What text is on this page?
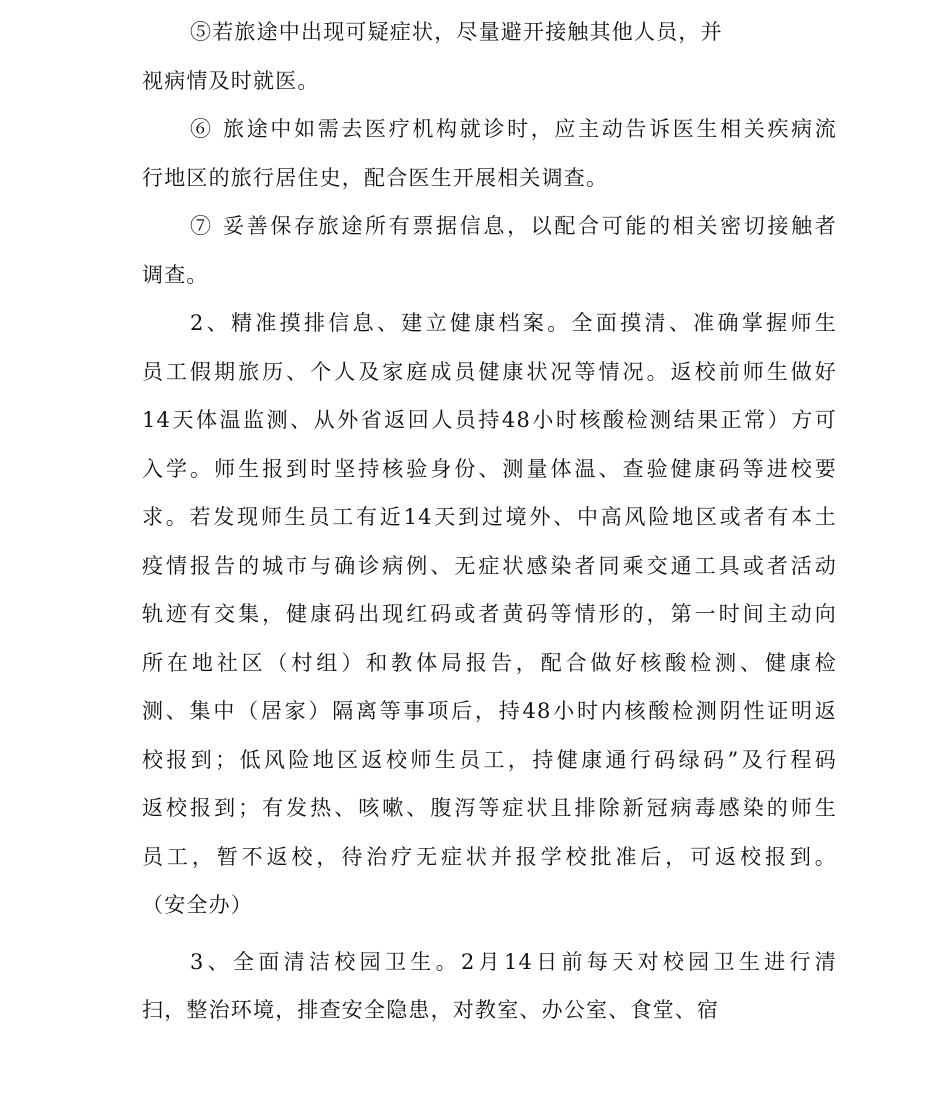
⑤若旅途中出现可疑症状，尽量避开接触其他人员，并
视病情及时就医。
⑥ 旅途中如需去医疗机构就诊时，应主动告诉医生相关疾病流
行地区的旅行居住史，配合医生开展相关调查。
⑦ 妥善保存旅途所有票据信息，以配合可能的相关密切接触者
调查。
2、精准摸排信息、建立健康档案。全面摸清、准确掌握师生
员工假期旅历、个人及家庭成员健康状况等情况。返校前师生做好
14天体温监测、从外省返回人员持48小时核酸检测结果正常）方可
入学。师生报到时坚持核验身份、测量体温、查验健康码等进校要
求。若发现师生员工有近14天到过境外、中高风险地区或者有本土
疫情报告的城市与确诊病例、无症状感染者同乘交通工具或者活动
轨迹有交集，健康码出现红码或者黄码等情形的，第一时间主动向
所在地社区（村组）和教体局报告，配合做好核酸检测、健康检
测、集中（居家）隔离等事项后，持48小时内核酸检测阴性证明返
校报到；低风险地区返校师生员工，持健康通行码绿码”及行程码
返校报到；有发热、咳嗽、腹泻等症状且排除新冠病毒感染的师生
员工，暂不返校，待治疗无症状并报学校批准后，可返校报到。
（安全办）
3、全面清洁校园卫生。2月14日前每天对校园卫生进行清
扫，整治环境，排查安全隐患，对教室、办公室、食堂、宿
